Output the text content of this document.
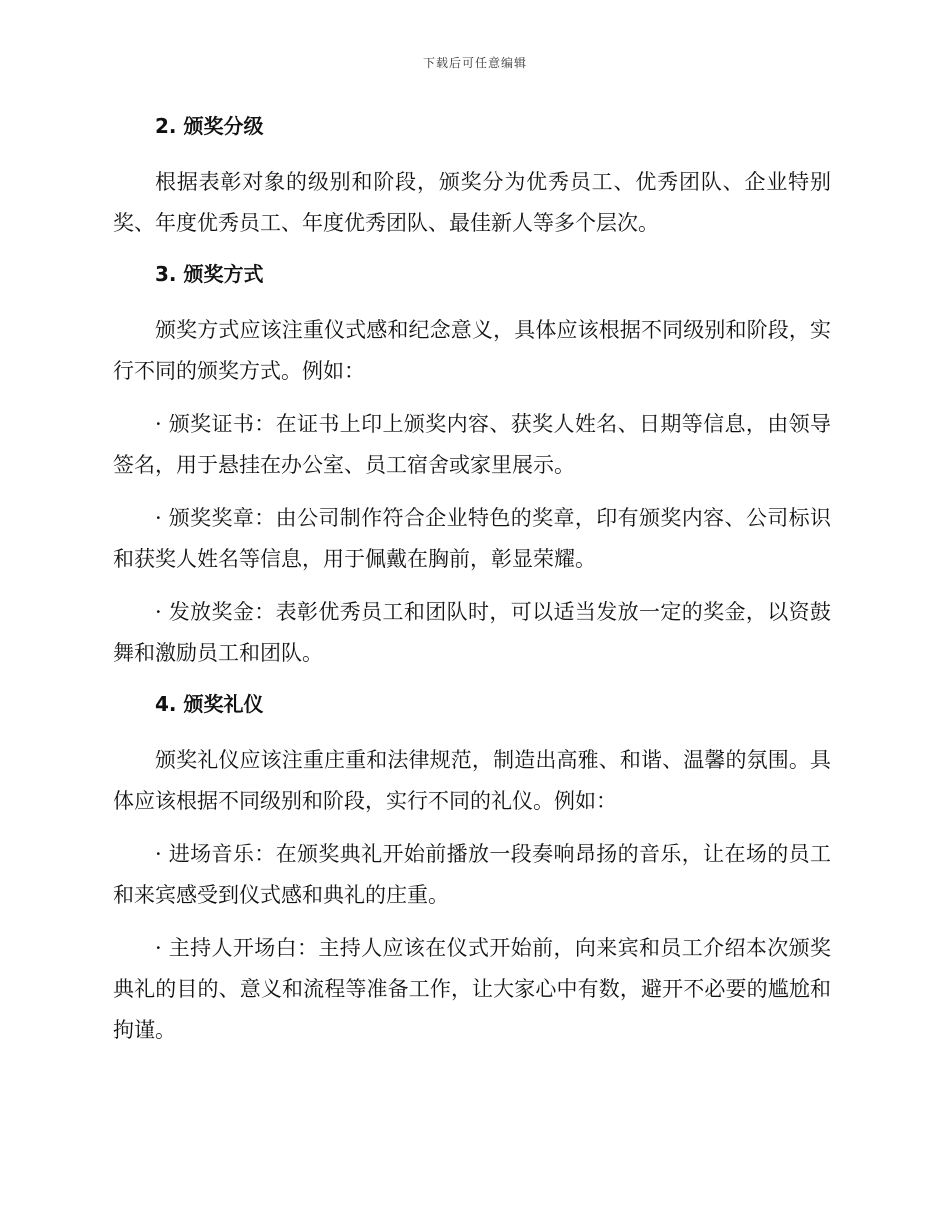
下载后可任意编辑
2. 颁奖分级

根据表彰对象的级别和阶段，颁奖分为优秀员工、优秀团队、企业特别奖、年度优秀员工、年度优秀团队、最佳新人等多个层次。

3. 颁奖方式

颁奖方式应该注重仪式感和纪念意义，具体应该根据不同级别和阶段，实行不同的颁奖方式。例如：

· 颁奖证书：在证书上印上颁奖内容、获奖人姓名、日期等信息，由领导签名，用于悬挂在办公室、员工宿舍或家里展示。

· 颁奖奖章：由公司制作符合企业特色的奖章，印有颁奖内容、公司标识和获奖人姓名等信息，用于佩戴在胸前，彰显荣耀。

· 发放奖金：表彰优秀员工和团队时，可以适当发放一定的奖金，以资鼓舞和激励员工和团队。

4. 颁奖礼仪

颁奖礼仪应该注重庄重和法律规范，制造出高雅、和谐、温馨的氛围。具体应该根据不同级别和阶段，实行不同的礼仪。例如：

· 进场音乐：在颁奖典礼开始前播放一段奏响昂扬的音乐，让在场的员工和来宾感受到仪式感和典礼的庄重。

· 主持人开场白：主持人应该在仪式开始前，向来宾和员工介绍本次颁奖典礼的目的、意义和流程等准备工作，让大家心中有数，避开不必要的尴尬和拘谨。
